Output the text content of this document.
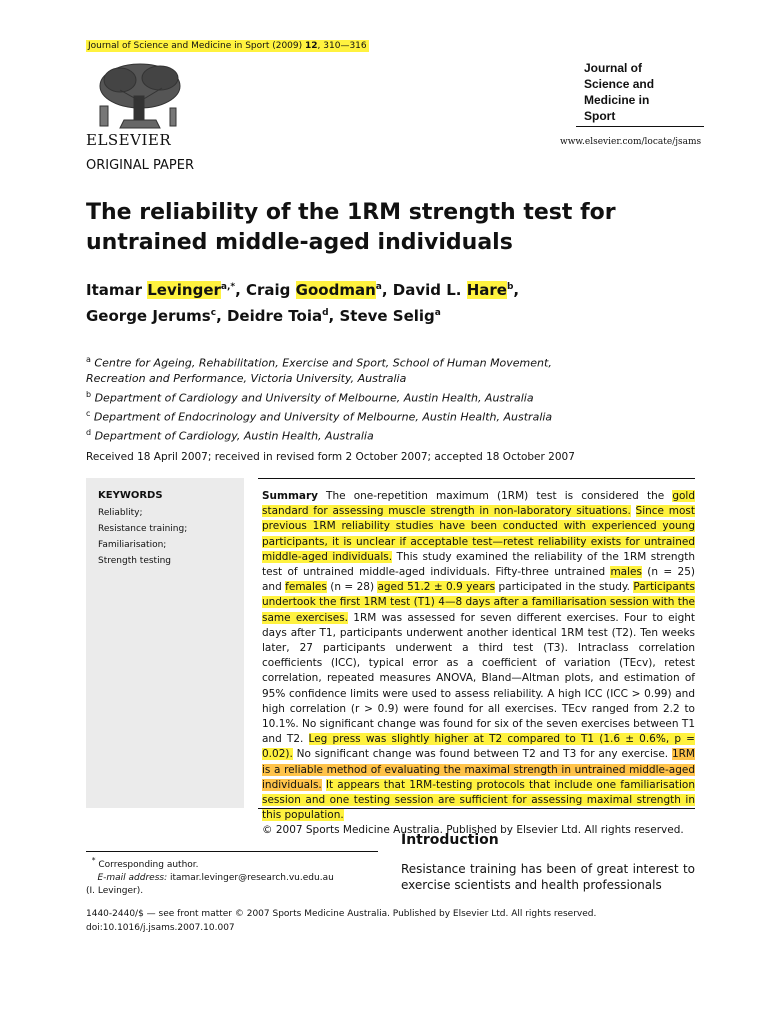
Journal of Science and Medicine in Sport (2009) 12, 310—316
ELSEVIER
Journal of
Science and
Medicine in
Sport
www.elsevier.com/locate/jsams
ORIGINAL PAPER
The reliability of the 1RM strength test for
untrained middle-aged individuals
Itamar Levinger$^{a,*}$, Craig Goodman$^a$, David L. Hare$^b$,
George Jerums$^c$, Deidre Toia$^d$, Steve Selig$^a$
$^a$ Centre for Ageing, Rehabilitation, Exercise and Sport, School of Human Movement,
Recreation and Performance, Victoria University, Australia
$^b$ Department of Cardiology and University of Melbourne, Austin Health, Australia
$^c$ Department of Endocrinology and University of Melbourne, Austin Health, Australia
$^d$ Department of Cardiology, Austin Health, Australia
Received 18 April 2007; received in revised form 2 October 2007; accepted 18 October 2007
KEYWORDS
Reliablity;
Resistance training;
Familiarisation;
Strength testing
Summary The one-repetition maximum (1RM) test is considered the gold standard for assessing muscle strength in non-laboratory situations. Since most previous 1RM reliability studies have been conducted with experienced young participants, it is unclear if acceptable test—retest reliability exists for untrained middle-aged individuals. This study examined the reliability of the 1RM strength test of untrained middle-aged individuals. Fifty-three untrained males (n = 25) and females (n = 28) aged 51.2 ± 0.9 years participated in the study. Participants undertook the first 1RM test (T1) 4—8 days after a familiarisation session with the same exercises. 1RM was assessed for seven different exercises. Four to eight days after T1, participants underwent another identical 1RM test (T2). Ten weeks later, 27 participants underwent a third test (T3). Intraclass correlation coefficients (ICC), typical error as a coefficient of variation (TEcv), retest correlation, repeated measures ANOVA, Bland—Altman plots, and estimation of 95% confidence limits were used to assess reliability. A high ICC (ICC > 0.99) and high correlation (r > 0.9) were found for all exercises. TEcv ranged from 2.2 to 10.1%. No significant change was found for six of the seven exercises between T1 and T2. Leg press was slightly higher at T2 compared to T1 (1.6 ± 0.6%, p = 0.02). No significant change was found between T2 and T3 for any exercise. 1RM is a reliable method of evaluating the maximal strength in untrained middle-aged individuals. It appears that 1RM-testing protocols that include one familiarisation session and one testing session are sufficient for assessing maximal strength in this population.
© 2007 Sports Medicine Australia. Published by Elsevier Ltd. All rights reserved.
Introduction
Resistance training has been of great interest to exercise scientists and health professionals
* Corresponding author.
E-mail address: itamar.levinger@research.vu.edu.au
(I. Levinger).
1440-2440/$ — see front matter © 2007 Sports Medicine Australia. Published by Elsevier Ltd. All rights reserved.
doi:10.1016/j.jsams.2007.10.007
